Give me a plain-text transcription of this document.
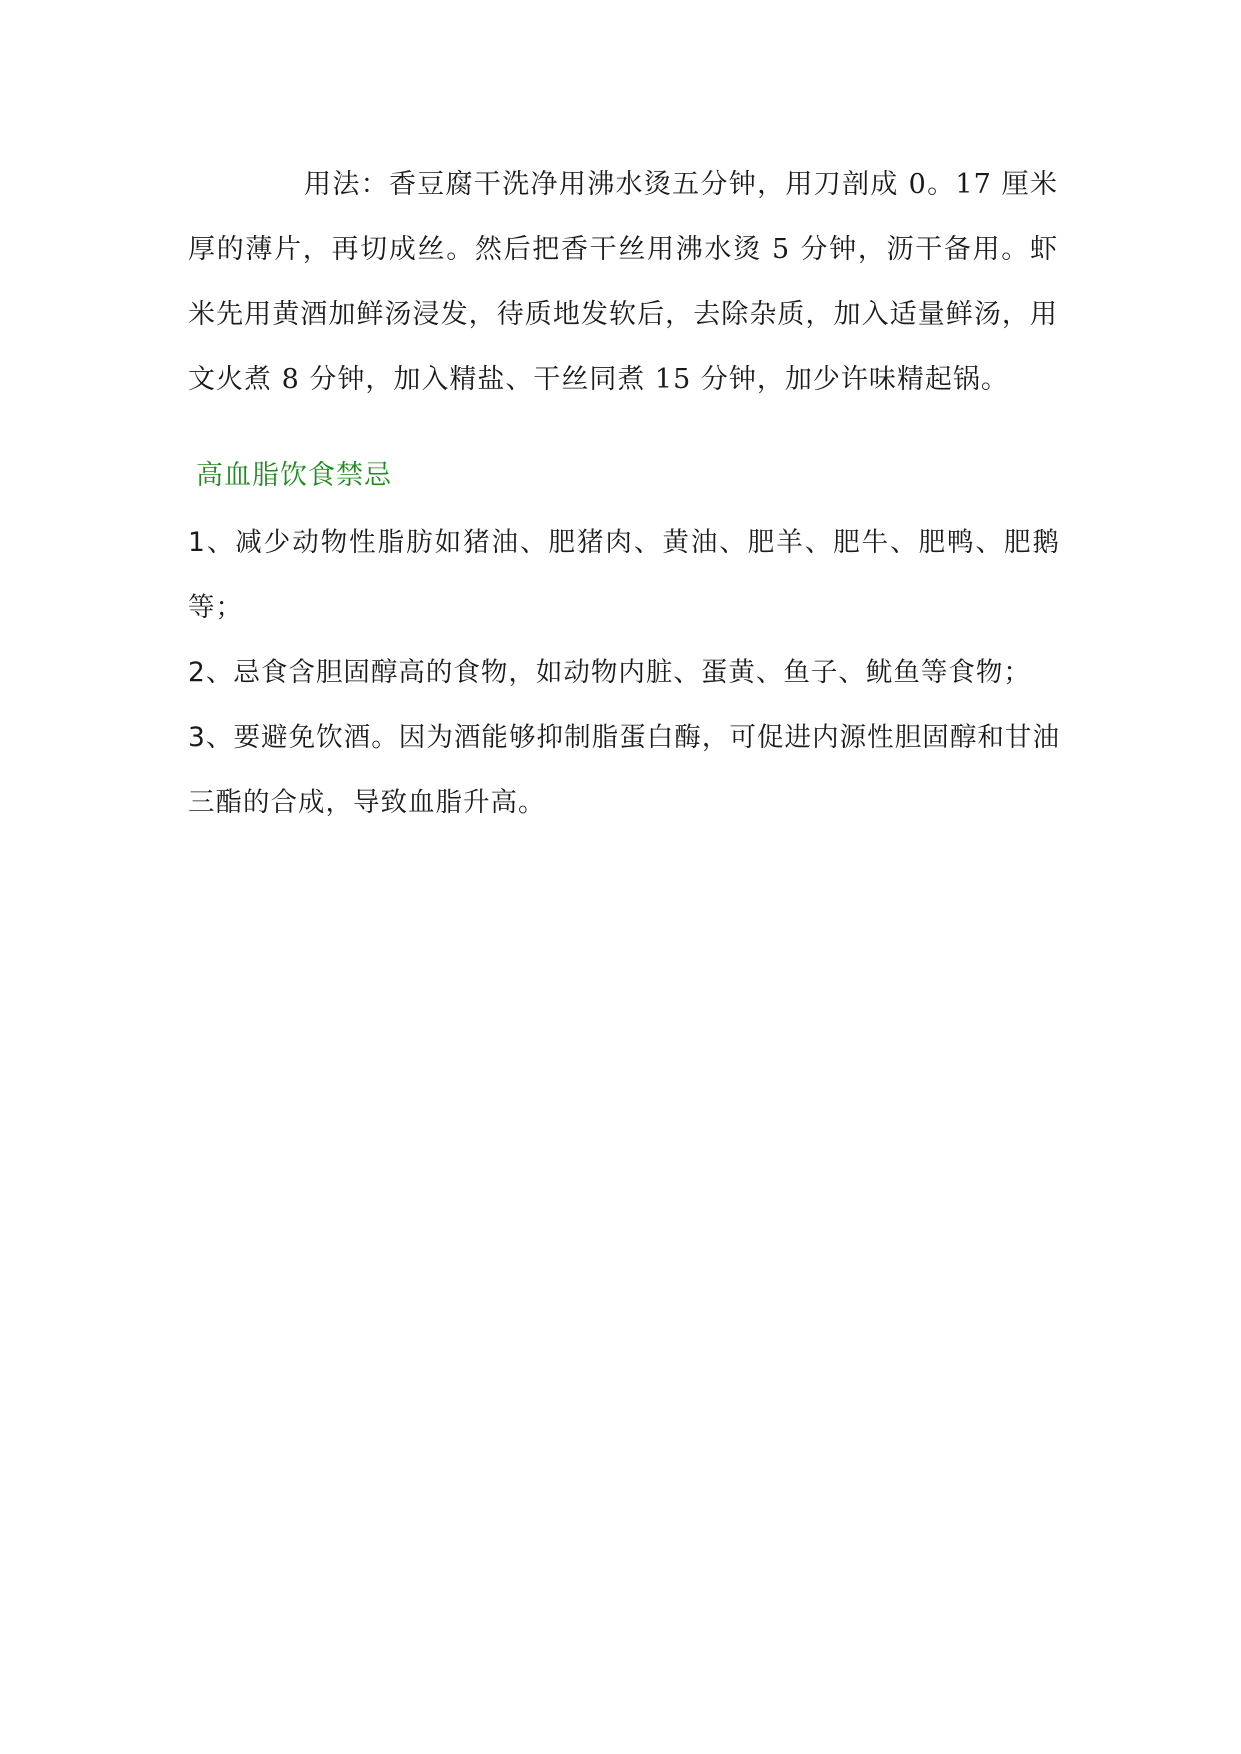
用法：香豆腐干洗净用沸水烫五分钟，用刀剖成 0。17 厘米厚的薄片，再切成丝。然后把香干丝用沸水烫 5 分钟，沥干备用。虾米先用黄酒加鲜汤浸发，待质地发软后，去除杂质，加入适量鲜汤，用文火煮 8 分钟，加入精盐、干丝同煮 15 分钟，加少许味精起锅。

高血脂饮食禁忌
1、减少动物性脂肪如猪油、肥猪肉、黄油、肥羊、肥牛、肥鸭、肥鹅等；
2、忌食含胆固醇高的食物，如动物内脏、蛋黄、鱼子、鱿鱼等食物；
3、要避免饮酒。因为酒能够抑制脂蛋白酶，可促进内源性胆固醇和甘油三酯的合成，导致血脂升高。
